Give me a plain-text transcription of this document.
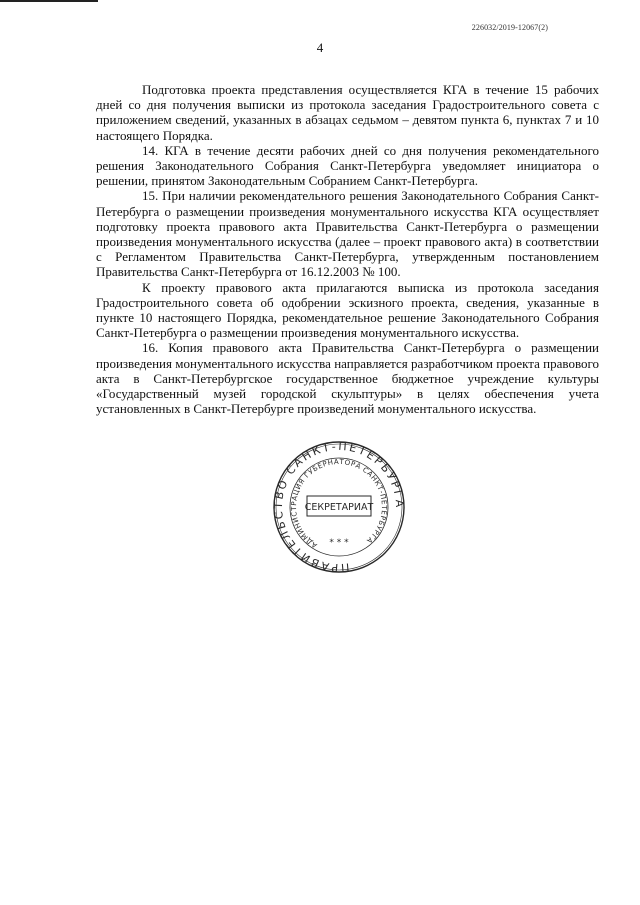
226032/2019-12067(2)
4

Подготовка проекта представления осуществляется КГА в течение 15 рабочих дней со дня получения выписки из протокола заседания Градостроительного совета с приложением сведений, указанных в абзацах седьмом – девятом пункта 6, пунктах 7 и 10 настоящего Порядка.

14. КГА в течение десяти рабочих дней со дня получения рекомендательного решения Законодательного Собрания Санкт-Петербурга уведомляет инициатора о решении, принятом Законодательным Собранием Санкт-Петербурга.

15. При наличии рекомендательного решения Законодательного Собрания Санкт-Петербурга о размещении произведения монументального искусства КГА осуществляет подготовку проекта правового акта Правительства Санкт-Петербурга о размещении произведения монументального искусства (далее – проект правового акта) в соответствии с Регламентом Правительства Санкт-Петербурга, утвержденным постановлением Правительства Санкт-Петербурга от 16.12.2003 № 100.

К проекту правового акта прилагаются выписка из протокола заседания Градостроительного совета об одобрении эскизного проекта, сведения, указанные в пункте 10 настоящего Порядка, рекомендательное решение Законодательного Собрания Санкт-Петербурга о размещении произведения монументального искусства.

16. Копия правового акта Правительства Санкт-Петербурга о размещении произведения монументального искусства направляется разработчиком проекта правового акта в Санкт-Петербургское государственное бюджетное учреждение культуры «Государственный музей городской скульптуры» в целях обеспечения учета установленных в Санкт-Петербурге произведений монументального искусства.

ПРАВИТЕЛЬСТВО САНКТ-ПЕТЕРБУРГА
АДМИНИСТРАЦИЯ ГУБЕРНАТОРА САНКТ-ПЕТЕРБУРГА
СЕКРЕТАРИАТ
* * *
